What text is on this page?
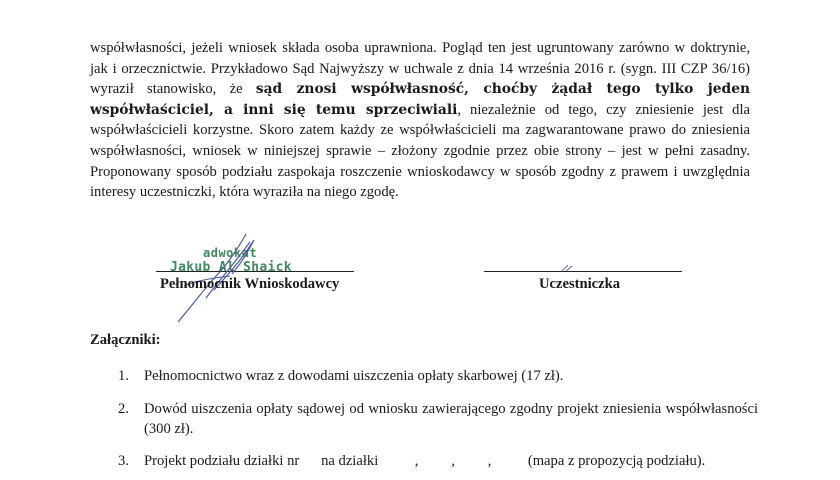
współwłasności, jeżeli wniosek składa osoba uprawniona. Pogląd ten jest ugruntowany zarówno w doktrynie, jak i orzecznictwie. Przykładowo Sąd Najwyższy w uchwale z dnia 14 września 2016 r. (sygn. III CZP 36/16) wyraził stanowisko, że sąd znosi współwłasność, choćby żądał tego tylko jeden współwłaściciel, a inni się temu sprzeciwiali, niezależnie od tego, czy zniesienie jest dla współwłaścicieli korzystne. Skoro zatem każdy ze współwłaścicieli ma zagwarantowane prawo do zniesienia współwłasności, wniosek w niniejszej sprawie – złożony zgodnie przez obie strony – jest w pełni zasadny. Proponowany sposób podziału zaspokaja roszczenie wnioskodawcy w sposób zgodny z prawem i uwzględnia interesy uczestniczki, która wyraziła na niego zgodę.

adwokat
Jakub Al Shaick
Pełnomocnik Wnioskodawcy	Uczestniczka
Załączniki:
1. Pełnomocnictwo wraz z dowodami uiszczenia opłaty skarbowej (17 zł).
2. Dowód uiszczenia opłaty sądowej od wniosku zawierającego zgodny projekt zniesienia współwłasności (300 zł).
3. Projekt podziału działki nr      na działki          ,         ,         ,          (mapa z propozycją podziału).
